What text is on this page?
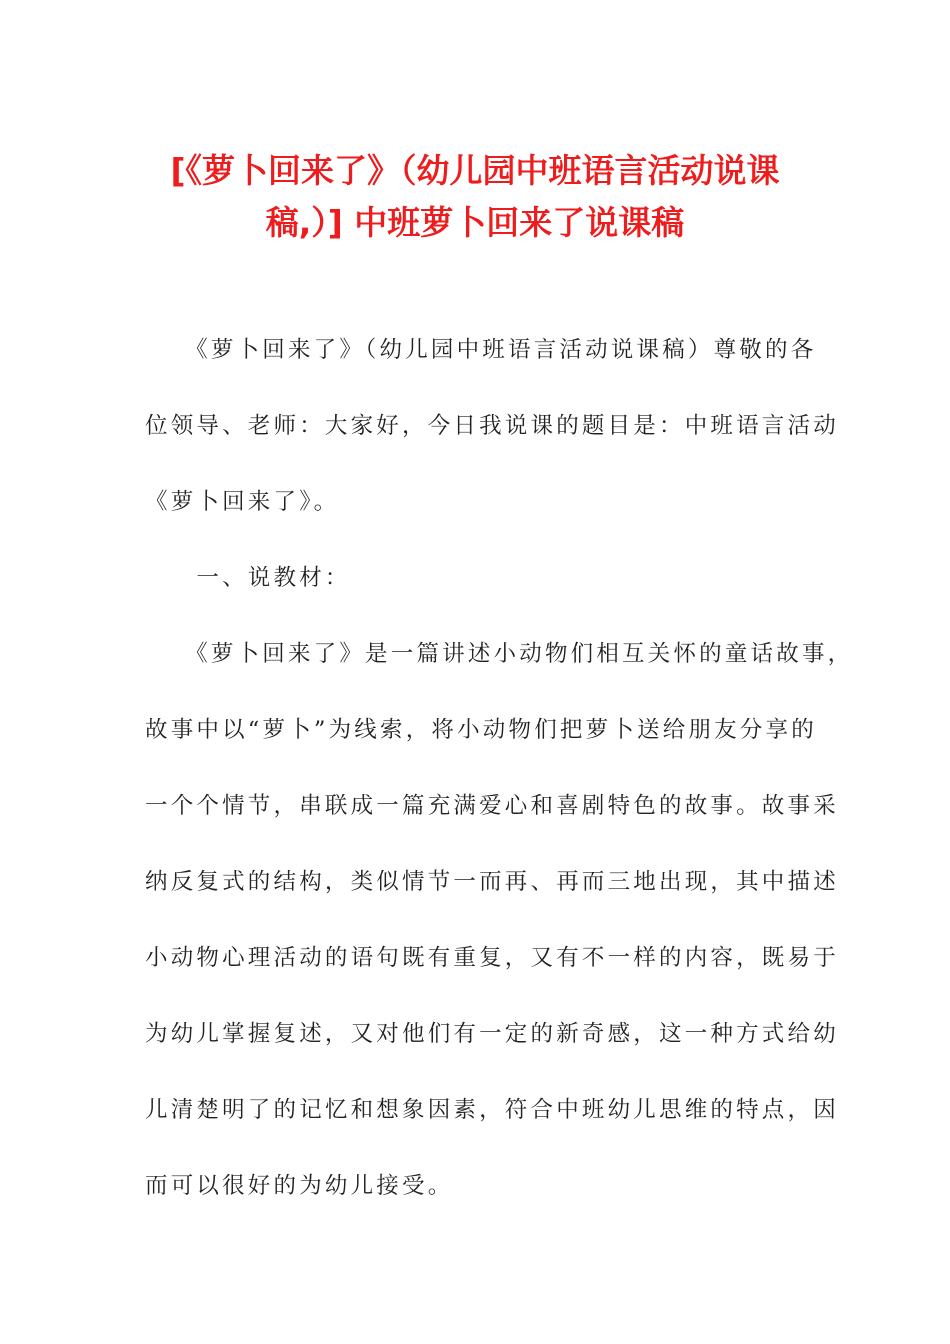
[《萝卜回来了》（幼儿园中班语言活动说课
稿,）] 中班萝卜回来了说课稿

　　《萝卜回来了》（幼儿园中班语言活动说课稿）尊敬的各

位领导、老师：大家好，今日我说课的题目是：中班语言活动

《萝卜回来了》。

　　一、说教材：

　　《萝卜回来了》是一篇讲述小动物们相互关怀的童话故事，

故事中以“萝卜”为线索，将小动物们把萝卜送给朋友分享的

一个个情节，串联成一篇充满爱心和喜剧特色的故事。故事采

纳反复式的结构，类似情节一而再、再而三地出现，其中描述

小动物心理活动的语句既有重复，又有不一样的内容，既易于

为幼儿掌握复述，又对他们有一定的新奇感，这一种方式给幼

儿清楚明了的记忆和想象因素，符合中班幼儿思维的特点，因

而可以很好的为幼儿接受。
